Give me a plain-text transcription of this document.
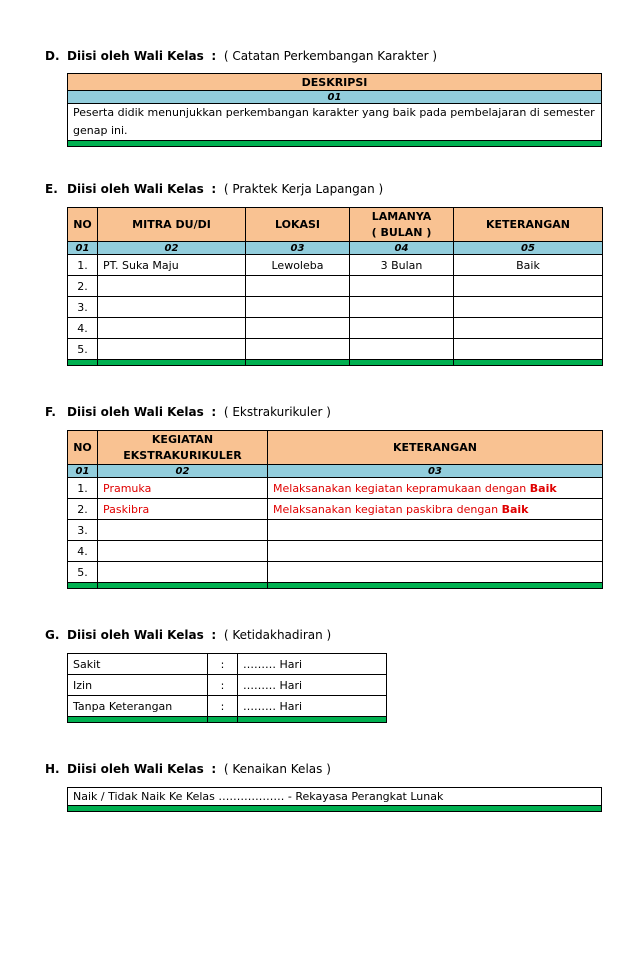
D. Diisi oleh Wali Kelas : ( Catatan Perkembangan Karakter )
DESKRIPSI
01
Peserta didik menunjukkan perkembangan karakter yang baik pada pembelajaran di semester genap ini.

E. Diisi oleh Wali Kelas : ( Praktek Kerja Lapangan )
NO	MITRA DU/DI	LOKASI	LAMANYA
( BULAN )	KETERANGAN
01	02	03	04	05
1.	PT. Suka Maju	Lewoleba	3 Bulan	Baik
2.				
3.				
4.				
5.				

F. Diisi oleh Wali Kelas : ( Ekstrakurikuler )
NO	KEGIATAN
EKSTRAKURIKULER	KETERANGAN
01	02	03
1.	Pramuka	Melaksanakan kegiatan kepramukaan dengan Baik
2.	Paskibra	Melaksanakan kegiatan paskibra dengan Baik
3.		
4.		
5.		

G. Diisi oleh Wali Kelas : ( Ketidakhadiran )
Sakit	:	……… Hari
Izin	:	……… Hari
Tanpa Keterangan	:	……… Hari

H. Diisi oleh Wali Kelas : ( Kenaikan Kelas )
Naik / Tidak Naik Ke Kelas ……………… - Rekayasa Perangkat Lunak
